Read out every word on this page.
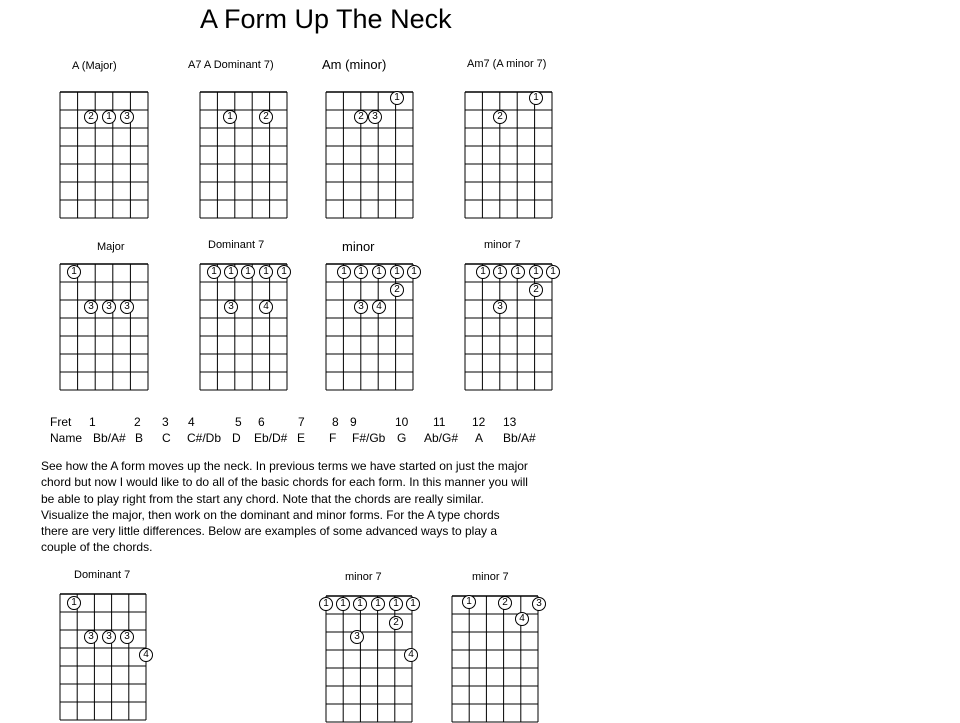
A Form Up The Neck
A (Major)	A7 A Dominant 7)	Am (minor)	Am7 (A minor 7)
2	1	3	1	2
1
2 3
1
2
Major	Dominant 7	minor	minor 7
1
3	3	3
1	1	1	1	1
3	4
1	1	1	1	1
2
3	4
1	1	1	1	1
2
3
Fret 1	2 3 4	5 6	7 8 9	10 11 12 13
Name Bb/A# B C C#/Db D Eb/D# E F F#/Gb G Ab/G# A Bb/A#
See how the A form moves up the neck. In previous terms we have started on just the major
chord but now I would like to do all of the basic chords for each form. In this manner you will
be able to play right from the start any chord. Note that the chords are really similar.
Visualize the major, then work on the dominant and minor forms. For the A type chords
there are very little differences. Below are examples of some advanced ways to play a
couple of the chords.
Dominant 7	minor 7	minor 7
1
3	3	3
4
1	1	1	1	1	1
2
3
4
1	2	3
4
